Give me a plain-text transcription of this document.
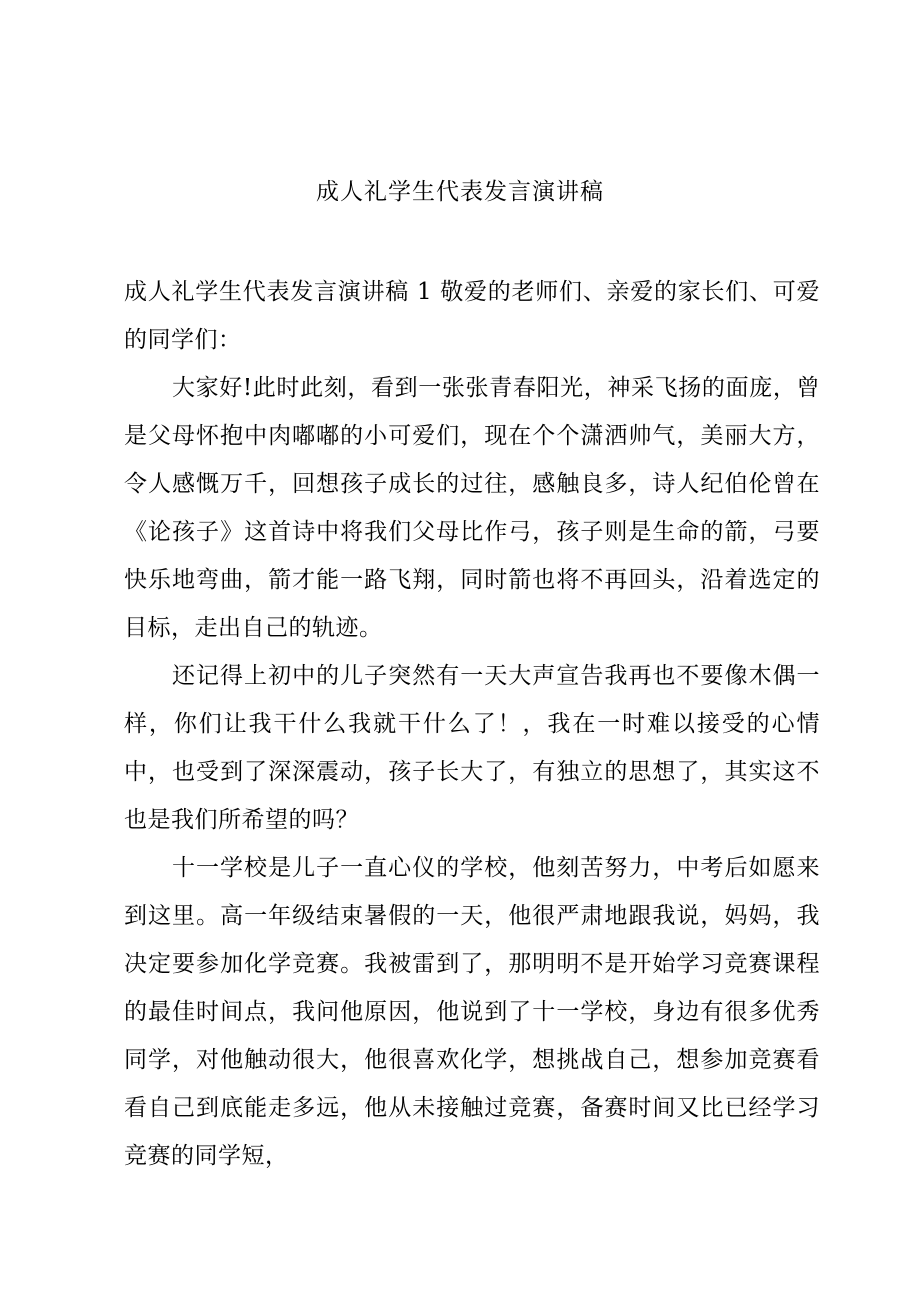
成人礼学生代表发言演讲稿

成人礼学生代表发言演讲稿 1 敬爱的老师们、亲爱的家长们、可爱的同学们：

大家好!此时此刻，看到一张张青春阳光，神采飞扬的面庞，曾是父母怀抱中肉嘟嘟的小可爱们，现在个个潇洒帅气，美丽大方，令人感慨万千，回想孩子成长的过往，感触良多，诗人纪伯伦曾在《论孩子》这首诗中将我们父母比作弓，孩子则是生命的箭，弓要快乐地弯曲，箭才能一路飞翔，同时箭也将不再回头，沿着选定的目标，走出自己的轨迹。

还记得上初中的儿子突然有一天大声宣告我再也不要像木偶一样，你们让我干什么我就干什么了！，我在一时难以接受的心情中，也受到了深深震动，孩子长大了，有独立的思想了，其实这不也是我们所希望的吗？

十一学校是儿子一直心仪的学校，他刻苦努力，中考后如愿来到这里。高一年级结束暑假的一天，他很严肃地跟我说，妈妈，我决定要参加化学竞赛。我被雷到了，那明明不是开始学习竞赛课程的最佳时间点，我问他原因，他说到了十一学校，身边有很多优秀同学，对他触动很大，他很喜欢化学，想挑战自己，想参加竞赛看看自己到底能走多远，他从未接触过竞赛，备赛时间又比已经学习竞赛的同学短，
